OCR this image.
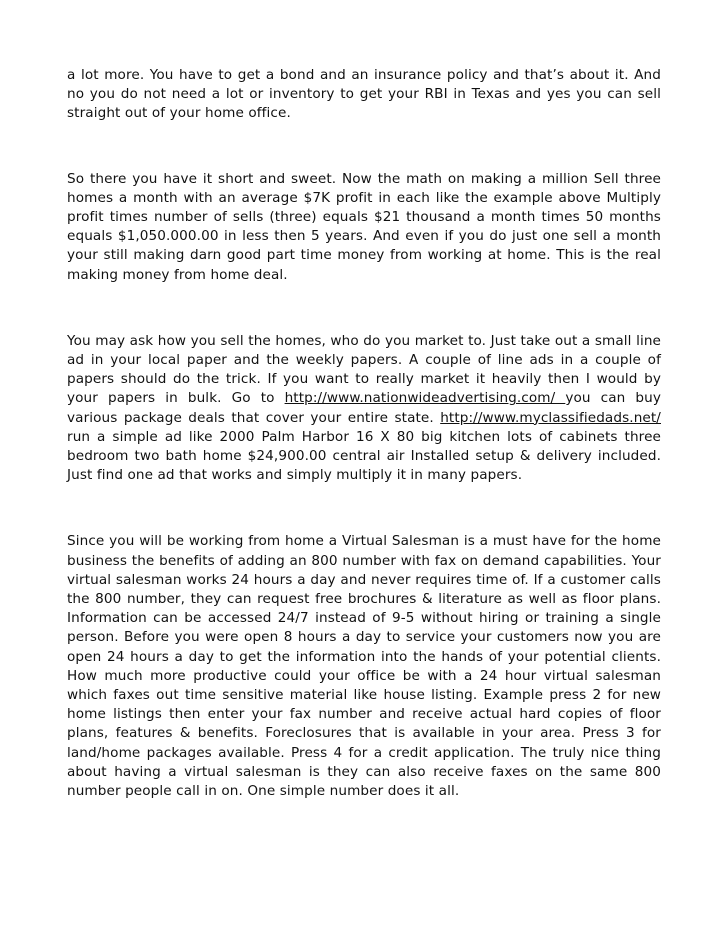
a lot more. You have to get a bond and an insurance policy and that’s about it. And no you do not need a lot or inventory to get your RBI in Texas and yes you can sell straight out of your home office.

So there you have it short and sweet. Now the math on making a million Sell three homes a month with an average $7K profit in each like the example above Multiply profit times number of sells (three) equals $21 thousand a month times 50 months equals $1,050.000.00 in less then 5 years. And even if you do just one sell a month your still making darn good part time money from working at home. This is the real making money from home deal.

You may ask how you sell the homes, who do you market to. Just take out a small line ad in your local paper and the weekly papers. A couple of line ads in a couple of papers should do the trick. If you want to really market it heavily then I would by your papers in bulk. Go to http://www.nationwideadvertising.com/ you can buy various package deals that cover your entire state. http://www.myclassifiedads.net/ run a simple ad like 2000 Palm Harbor 16 X 80 big kitchen lots of cabinets three bedroom two bath home $24,900.00 central air Installed setup & delivery included. Just find one ad that works and simply multiply it in many papers.

Since you will be working from home a Virtual Salesman is a must have for the home business the benefits of adding an 800 number with fax on demand capabilities. Your virtual salesman works 24 hours a day and never requires time of. If a customer calls the 800 number, they can request free brochures & literature as well as floor plans. Information can be accessed 24/7 instead of 9-5 without hiring or training a single person. Before you were open 8 hours a day to service your customers now you are open 24 hours a day to get the information into the hands of your potential clients. How much more productive could your office be with a 24 hour virtual salesman which faxes out time sensitive material like house listing. Example press 2 for new home listings then enter your fax number and receive actual hard copies of floor plans, features & benefits. Foreclosures that is available in your area. Press 3 for land/home packages available. Press 4 for a credit application. The truly nice thing about having a virtual salesman is they can also receive faxes on the same 800 number people call in on. One simple number does it all.
